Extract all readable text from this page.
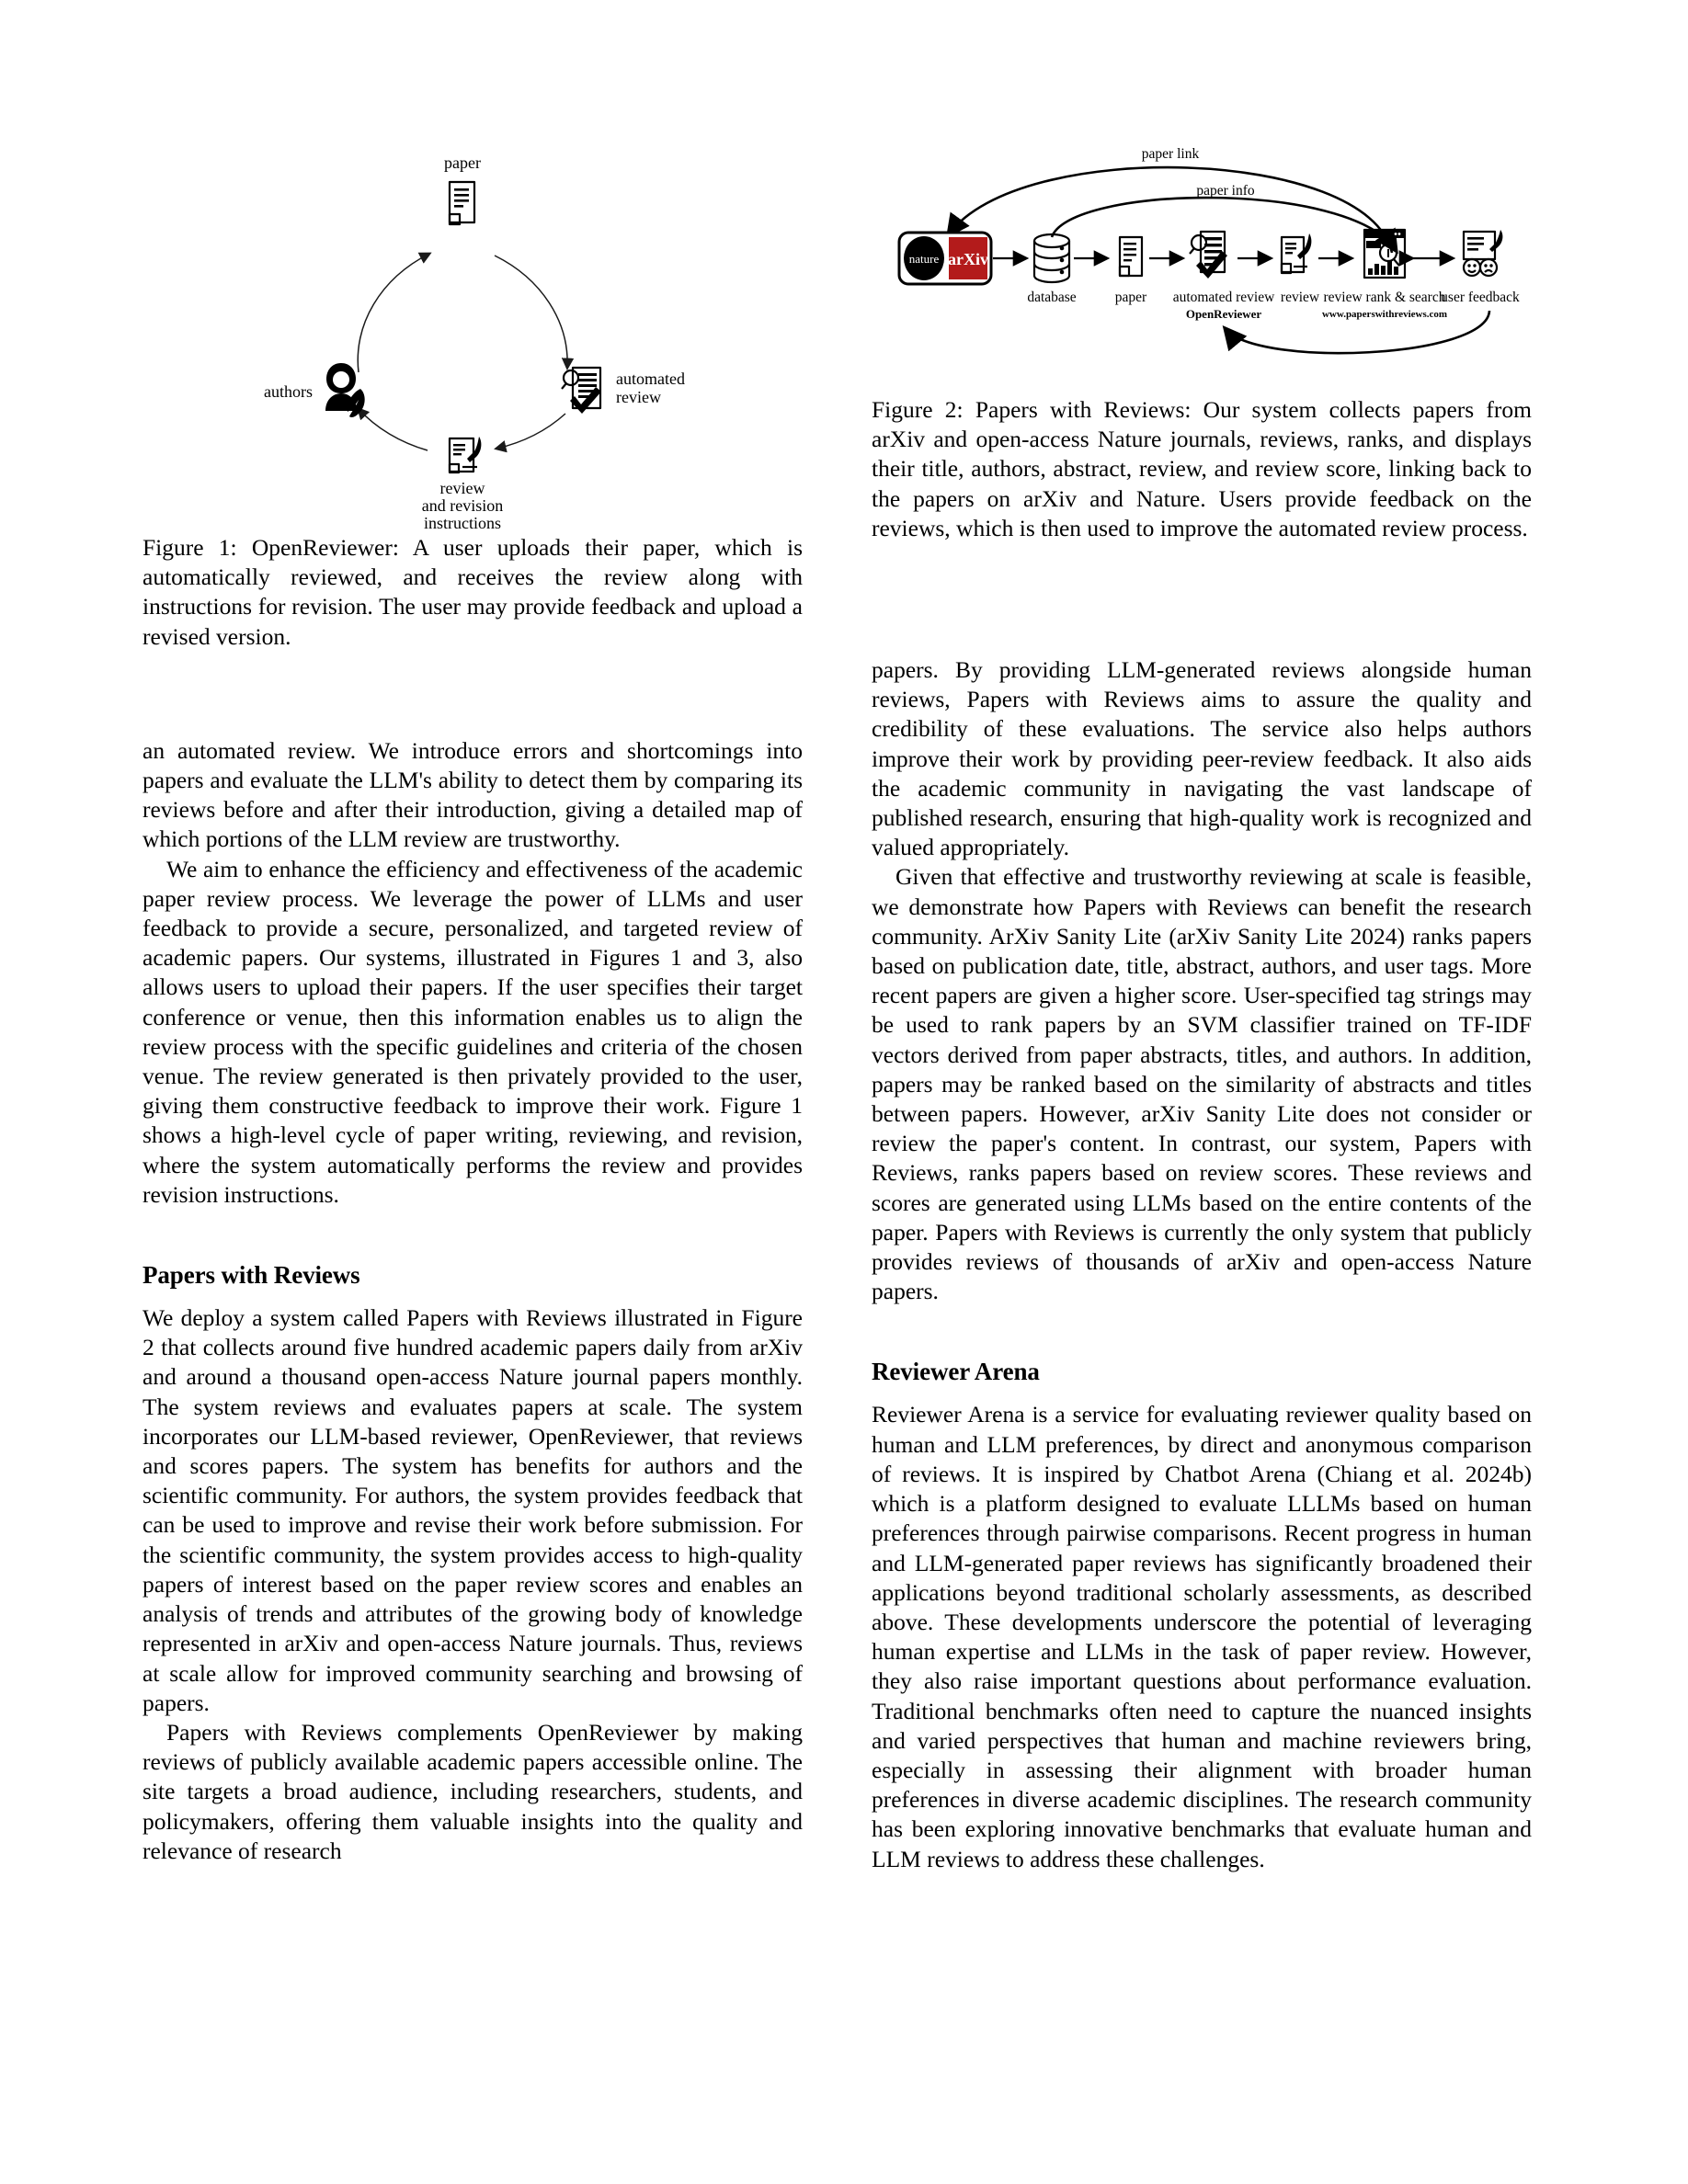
paper
automated
review
review
and revision
instructions
authors

Figure 1: OpenReviewer: A user uploads their paper, which is automatically reviewed, and receives the review along with instructions for revision. The user may provide feedback and upload a revised version.

an automated review. We introduce errors and shortcomings into papers and evaluate the LLM's ability to detect them by comparing its reviews before and after their introduction, giving a detailed map of which portions of the LLM review are trustworthy.

We aim to enhance the efficiency and effectiveness of the academic paper review process. We leverage the power of LLMs and user feedback to provide a secure, personalized, and targeted review of academic papers. Our systems, illustrated in Figures 1 and 3, also allows users to upload their papers. If the user specifies their target conference or venue, then this information enables us to align the review process with the specific guidelines and criteria of the chosen venue. The review generated is then privately provided to the user, giving them constructive feedback to improve their work. Figure 1 shows a high-level cycle of paper writing, reviewing, and revision, where the system automatically performs the review and provides revision instructions.

Papers with Reviews

We deploy a system called Papers with Reviews illustrated in Figure 2 that collects around five hundred academic papers daily from arXiv and around a thousand open-access Nature journal papers monthly. The system reviews and evaluates papers at scale. The system incorporates our LLM-based reviewer, OpenReviewer, that reviews and scores papers. The system has benefits for authors and the scientific community. For authors, the system provides feedback that can be used to improve and revise their work before submission. For the scientific community, the system provides access to high-quality papers of interest based on the paper review scores and enables an analysis of trends and attributes of the growing body of knowledge represented in arXiv and open-access Nature journals. Thus, reviews at scale allow for improved community searching and browsing of papers.

Papers with Reviews complements OpenReviewer by making reviews of publicly available academic papers accessible online. The site targets a broad audience, including researchers, students, and policymakers, offering them valuable insights into the quality and relevance of research

paper link
paper info
nature arXiv
database	paper automated review
OpenReviewer
review review rank & search
www.paperswithreviews.com
user feedback

Figure 2: Papers with Reviews: Our system collects papers from arXiv and open-access Nature journals, reviews, ranks, and displays their title, authors, abstract, review, and review score, linking back to the papers on arXiv and Nature. Users provide feedback on the reviews, which is then used to improve the automated review process.

papers. By providing LLM-generated reviews alongside human reviews, Papers with Reviews aims to assure the quality and credibility of these evaluations. The service also helps authors improve their work by providing peer-review feedback. It also aids the academic community in navigating the vast landscape of published research, ensuring that high-quality work is recognized and valued appropriately.

Given that effective and trustworthy reviewing at scale is feasible, we demonstrate how Papers with Reviews can benefit the research community. ArXiv Sanity Lite (arXiv Sanity Lite 2024) ranks papers based on publication date, title, abstract, authors, and user tags. More recent papers are given a higher score. User-specified tag strings may be used to rank papers by an SVM classifier trained on TF-IDF vectors derived from paper abstracts, titles, and authors. In addition, papers may be ranked based on the similarity of abstracts and titles between papers. However, arXiv Sanity Lite does not consider or review the paper's content. In contrast, our system, Papers with Reviews, ranks papers based on review scores. These reviews and scores are generated using LLMs based on the entire contents of the paper. Papers with Reviews is currently the only system that publicly provides reviews of thousands of arXiv and open-access Nature papers.

Reviewer Arena

Reviewer Arena is a service for evaluating reviewer quality based on human and LLM preferences, by direct and anonymous comparison of reviews. It is inspired by Chatbot Arena (Chiang et al. 2024b) which is a platform designed to evaluate LLLMs based on human preferences through pairwise comparisons. Recent progress in human and LLM-generated paper reviews has significantly broadened their applications beyond traditional scholarly assessments, as described above. These developments underscore the potential of leveraging human expertise and LLMs in the task of paper review. However, they also raise important questions about performance evaluation. Traditional benchmarks often need to capture the nuanced insights and varied perspectives that human and machine reviewers bring, especially in assessing their alignment with broader human preferences in diverse academic disciplines. The research community has been exploring innovative benchmarks that evaluate human and LLM reviews to address these challenges.
